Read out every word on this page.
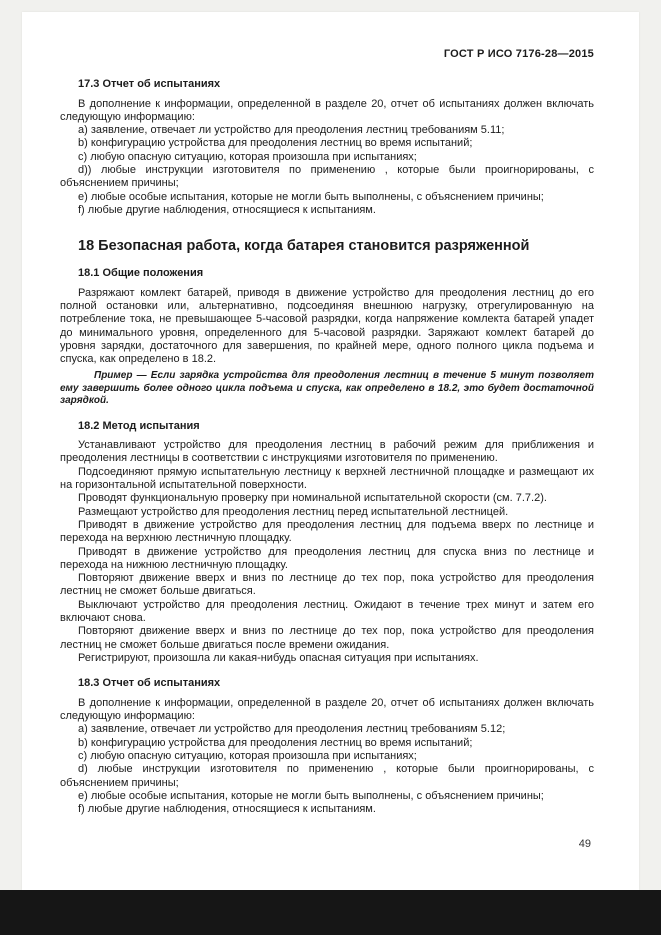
ГОСТ Р ИСО 7176-28—2015
17.3 Отчет об испытаниях

В дополнение к информации, определенной в разделе 20, отчет об испытаниях должен включать следующую информацию:

a) заявление, отвечает ли устройство для преодоления лестниц требованиям 5.11;

b) конфигурацию устройства для преодоления лестниц во время испытаний;

c) любую опасную ситуацию, которая произошла при испытаниях;

d)) любые инструкции изготовителя по применению , которые были проигнорированы, с объяснением причины;

e) любые особые испытания, которые не могли быть выполнены, с объяснением причины;

f) любые другие наблюдения, относящиеся к испытаниям.

18 Безопасная работа, когда батарея становится разряженной
18.1 Общие положения

Разряжают комлект батарей, приводя в движение устройство для преодоления лестниц до его полной остановки или, альтернативно, подсоединяя внешнюю нагрузку, отрегулированную на потребление тока, не превышающее 5-часовой разрядки, когда напряжение комлекта батарей упадет до минимального уровня, определенного для 5-часовой разрядки. Заряжают комлект батарей до уровня зарядки, достаточного для завершения, по крайней мере, одного полного цикла подъема и спуска, как определено в 18.2.

Пример — Если зарядка устройства для преодоления лестниц в течение 5 минут позволяет ему завершить более одного цикла подъема и спуска, как определено в 18.2, это будет достаточной зарядкой.

18.2 Метод испытания

Устанавливают устройство для преодоления лестниц в рабочий режим для приближения и преодоления лестницы в соответствии с инструкциями изготовителя по применению.

Подсоединяют прямую испытательную лестницу к верхней лестничной площадке и размещают их на горизонтальной испытательной поверхности.

Проводят функциональную проверку при номинальной испытательной скорости (см. 7.7.2).

Размещают устройство для преодоления лестниц перед испытательной лестницей.

Приводят в движение устройство для преодоления лестниц для подъема вверх по лестнице и перехода на верхнюю лестничную площадку.

Приводят в движение устройство для преодоления лестниц для спуска вниз по лестнице и перехода на нижнюю лестничную площадку.

Повторяют движение вверх и вниз по лестнице до тех пор, пока устройство для преодоления лестниц не сможет больше двигаться.

Выключают устройство для преодоления лестниц. Ожидают в течение трех минут и затем его включают снова.

Повторяют движение вверх и вниз по лестнице до тех пор, пока устройство для преодоления лестниц не сможет больше двигаться после времени ожидания.

Регистрируют, произошла ли какая-нибудь опасная ситуация при испытаниях.

18.3 Отчет об испытаниях

В дополнение к информации, определенной в разделе 20, отчет об испытаниях должен включать следующую информацию:

a) заявление, отвечает ли устройство для преодоления лестниц требованиям 5.12;

b) конфигурацию устройства для преодоления лестниц во время испытаний;

c) любую опасную ситуацию, которая произошла при испытаниях;

d) любые инструкции изготовителя по применению , которые были проигнорированы, с объяснением причины;

e) любые особые испытания, которые не могли быть выполнены, с объяснением причины;

f) любые другие наблюдения, относящиеся к испытаниям.

49
